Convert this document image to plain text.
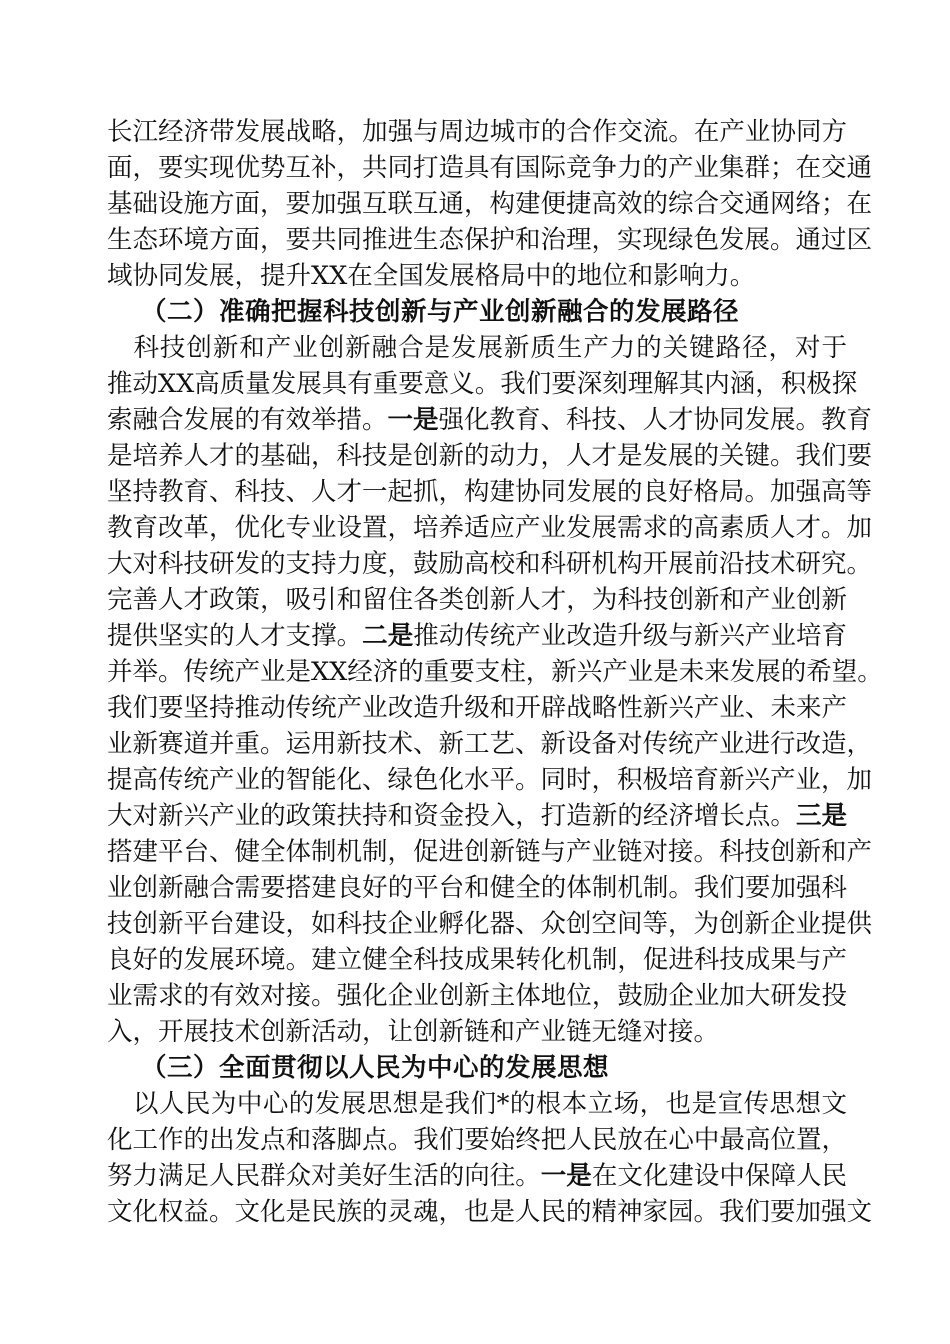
长江经济带发展战略，加强与周边城市的合作交流。在产业协同方
面，要实现优势互补，共同打造具有国际竞争力的产业集群；在交通
基础设施方面，要加强互联互通，构建便捷高效的综合交通网络；在
生态环境方面，要共同推进生态保护和治理，实现绿色发展。通过区
域协同发展，提升XX在全国发展格局中的地位和影响力。
（二）准确把握科技创新与产业创新融合的发展路径
　科技创新和产业创新融合是发展新质生产力的关键路径，对于
推动XX高质量发展具有重要意义。我们要深刻理解其内涵，积极探
索融合发展的有效举措。一是强化教育、科技、人才协同发展。教育
是培养人才的基础，科技是创新的动力，人才是发展的关键。我们要
坚持教育、科技、人才一起抓，构建协同发展的良好格局。加强高等
教育改革，优化专业设置，培养适应产业发展需求的高素质人才。加
大对科技研发的支持力度，鼓励高校和科研机构开展前沿技术研究。
完善人才政策，吸引和留住各类创新人才，为科技创新和产业创新
提供坚实的人才支撑。二是推动传统产业改造升级与新兴产业培育
并举。传统产业是XX经济的重要支柱，新兴产业是未来发展的希望。
我们要坚持推动传统产业改造升级和开辟战略性新兴产业、未来产
业新赛道并重。运用新技术、新工艺、新设备对传统产业进行改造，
提高传统产业的智能化、绿色化水平。同时，积极培育新兴产业，加
大对新兴产业的政策扶持和资金投入，打造新的经济增长点。三是
搭建平台、健全体制机制，促进创新链与产业链对接。科技创新和产
业创新融合需要搭建良好的平台和健全的体制机制。我们要加强科
技创新平台建设，如科技企业孵化器、众创空间等，为创新企业提供
良好的发展环境。建立健全科技成果转化机制，促进科技成果与产
业需求的有效对接。强化企业创新主体地位，鼓励企业加大研发投
入，开展技术创新活动，让创新链和产业链无缝对接。
（三）全面贯彻以人民为中心的发展思想
　以人民为中心的发展思想是我们*的根本立场，也是宣传思想文
化工作的出发点和落脚点。我们要始终把人民放在心中最高位置，
努力满足人民群众对美好生活的向往。一是在文化建设中保障人民
文化权益。文化是民族的灵魂，也是人民的精神家园。我们要加强文
